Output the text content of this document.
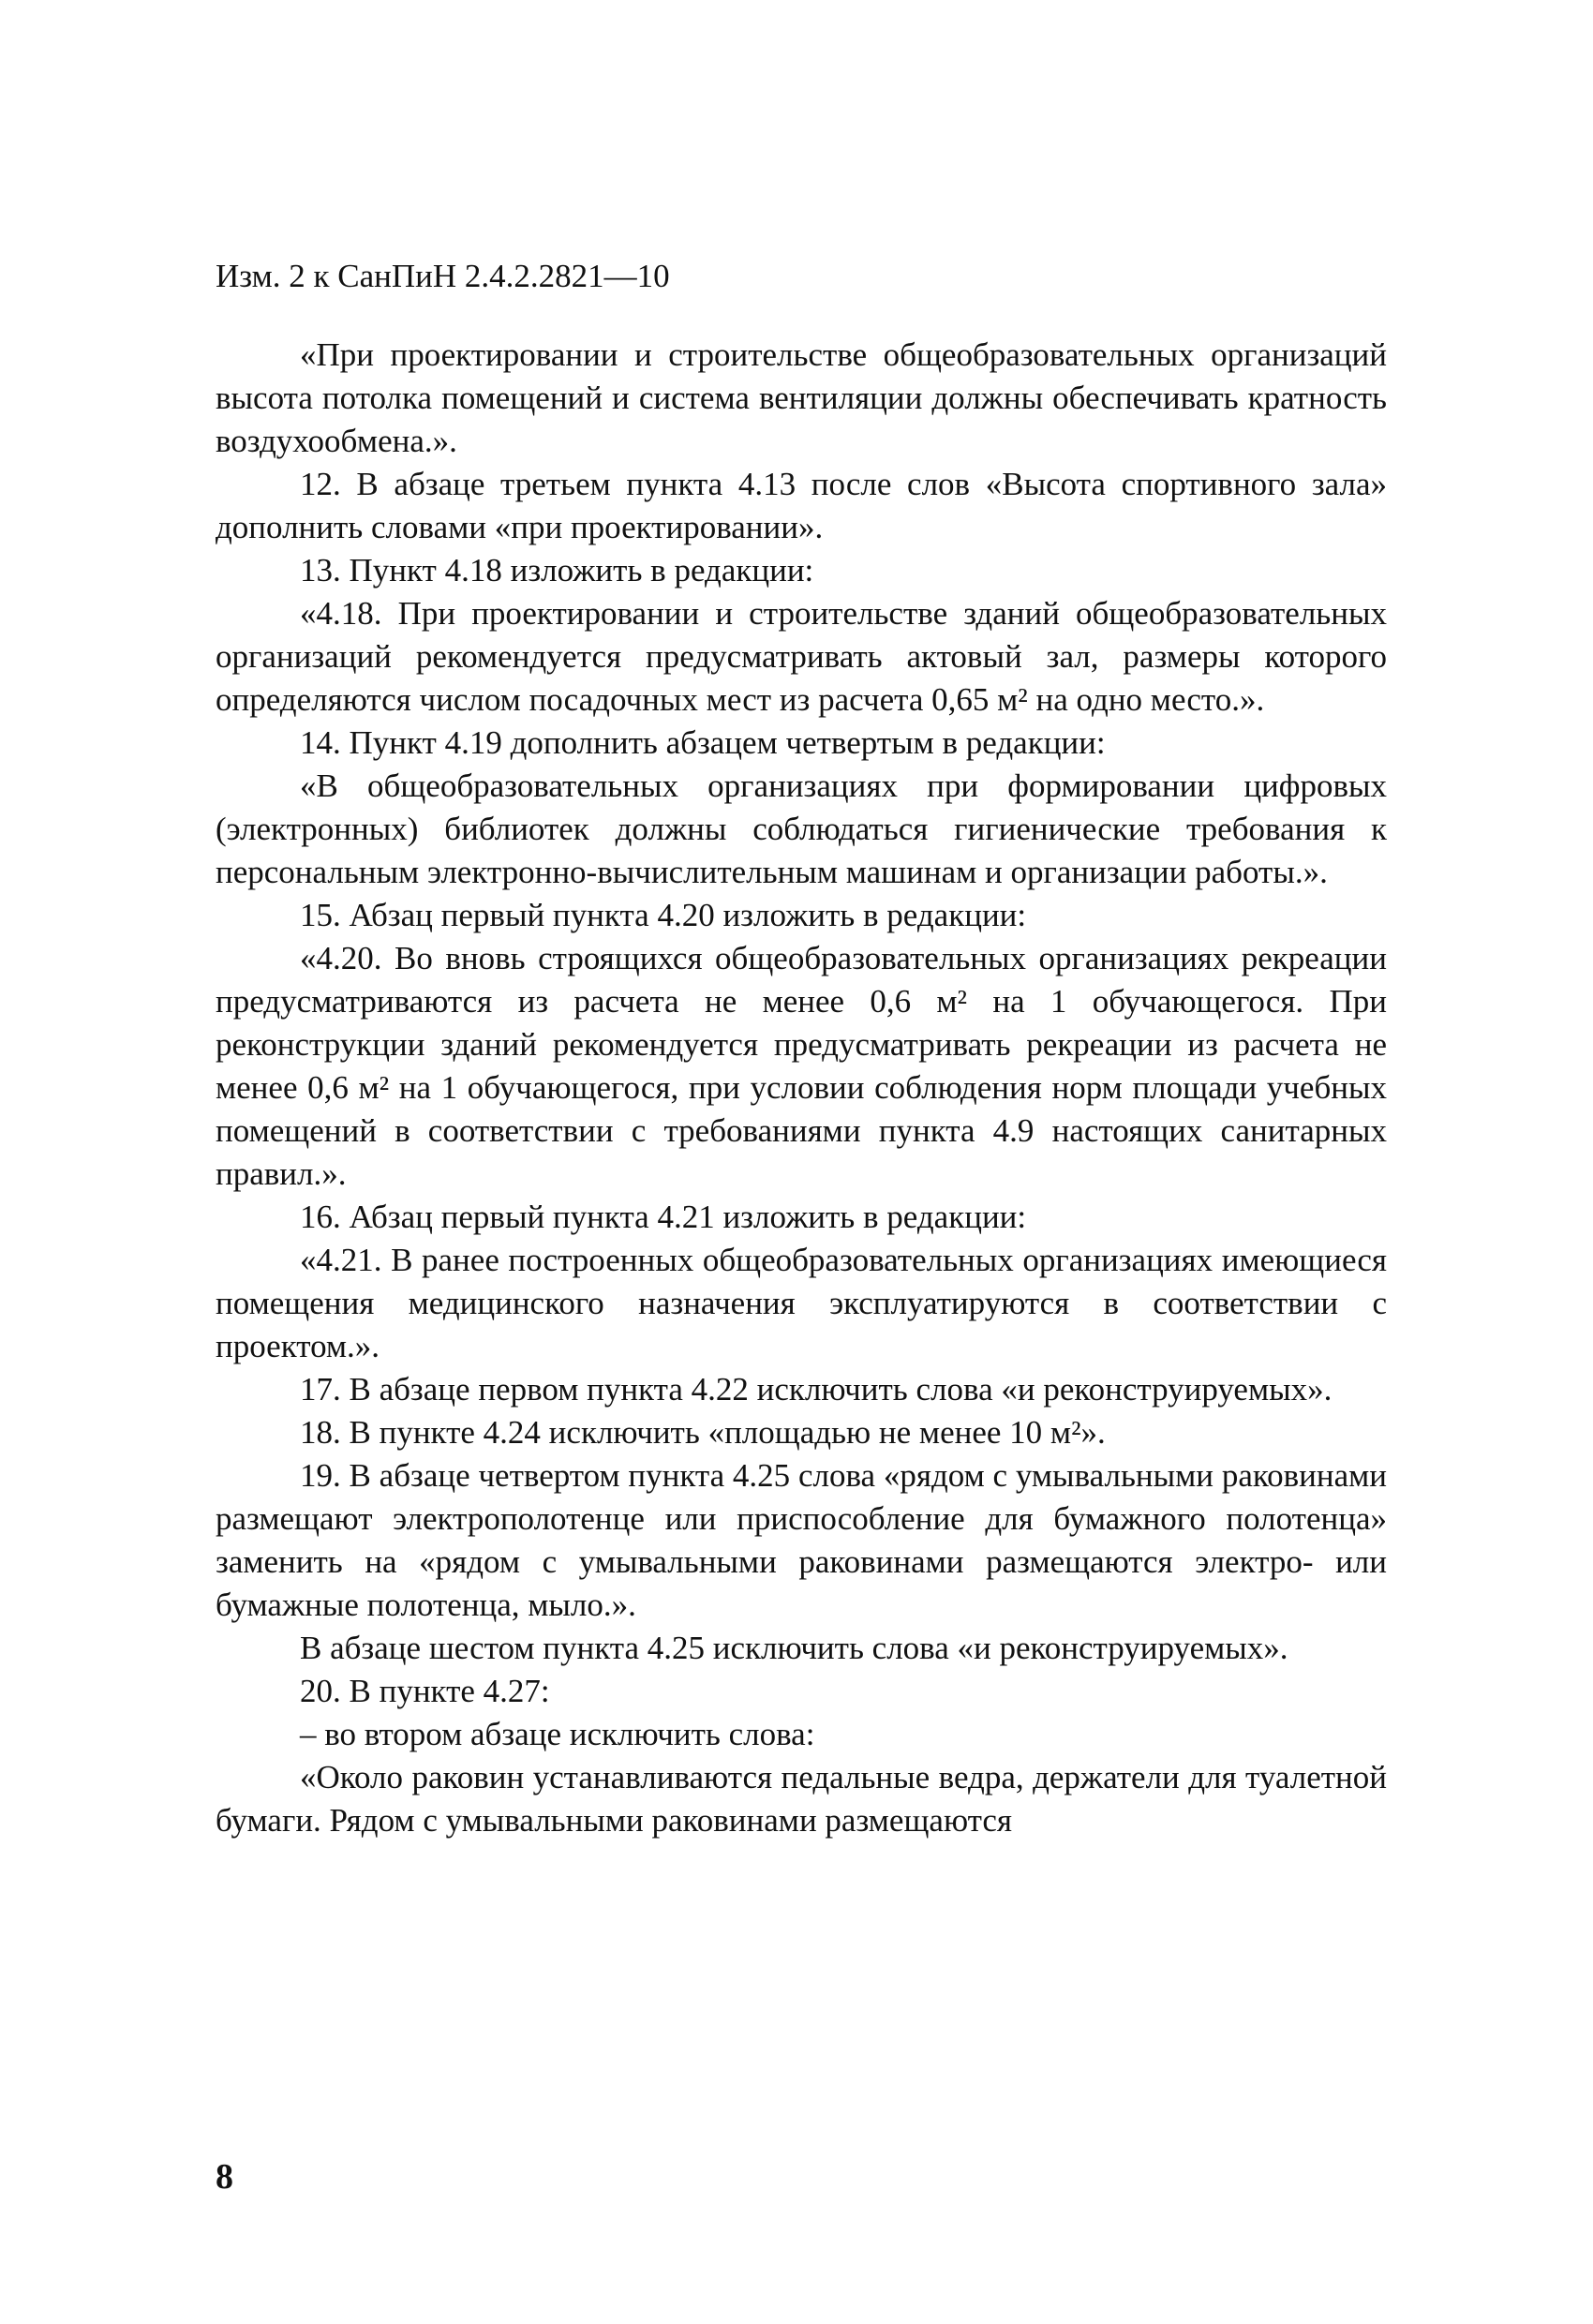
Изм. 2 к СанПиН 2.4.2.2821—10

«При проектировании и строительстве общеобразовательных организаций высота потолка помещений и система вентиляции должны обеспечивать кратность воздухообмена.».

12. В абзаце третьем пункта 4.13 после слов «Высота спортивного зала» дополнить словами «при проектировании».

13. Пункт 4.18 изложить в редакции:

«4.18. При проектировании и строительстве зданий общеобразовательных организаций рекомендуется предусматривать актовый зал, размеры которого определяются числом посадочных мест из расчета 0,65 м² на одно место.».

14. Пункт 4.19 дополнить абзацем четвертым в редакции:

«В общеобразовательных организациях при формировании цифровых (электронных) библиотек должны соблюдаться гигиенические требования к персональным электронно-вычислительным машинам и организации работы.».

15. Абзац первый пункта 4.20 изложить в редакции:

«4.20. Во вновь строящихся общеобразовательных организациях рекреации предусматриваются из расчета не менее 0,6 м² на 1 обучающегося. При реконструкции зданий рекомендуется предусматривать рекреации из расчета не менее 0,6 м² на 1 обучающегося, при условии соблюдения норм площади учебных помещений в соответствии с требованиями пункта 4.9 настоящих санитарных правил.».

16. Абзац первый пункта 4.21 изложить в редакции:

«4.21. В ранее построенных общеобразовательных организациях имеющиеся помещения медицинского назначения эксплуатируются в соответствии с проектом.».

17. В абзаце первом пункта 4.22 исключить слова «и реконструируемых».

18. В пункте 4.24 исключить «площадью не менее 10 м²».

19. В абзаце четвертом пункта 4.25 слова «рядом с умывальными раковинами размещают электрополотенце или приспособление для бумажного полотенца» заменить на «рядом с умывальными раковинами размещаются электро- или бумажные полотенца, мыло.».

В абзаце шестом пункта 4.25 исключить слова «и реконструируемых».

20. В пункте 4.27:

– во втором абзаце исключить слова:

«Около раковин устанавливаются педальные ведра, держатели для туалетной бумаги. Рядом с умывальными раковинами размещаются

8
